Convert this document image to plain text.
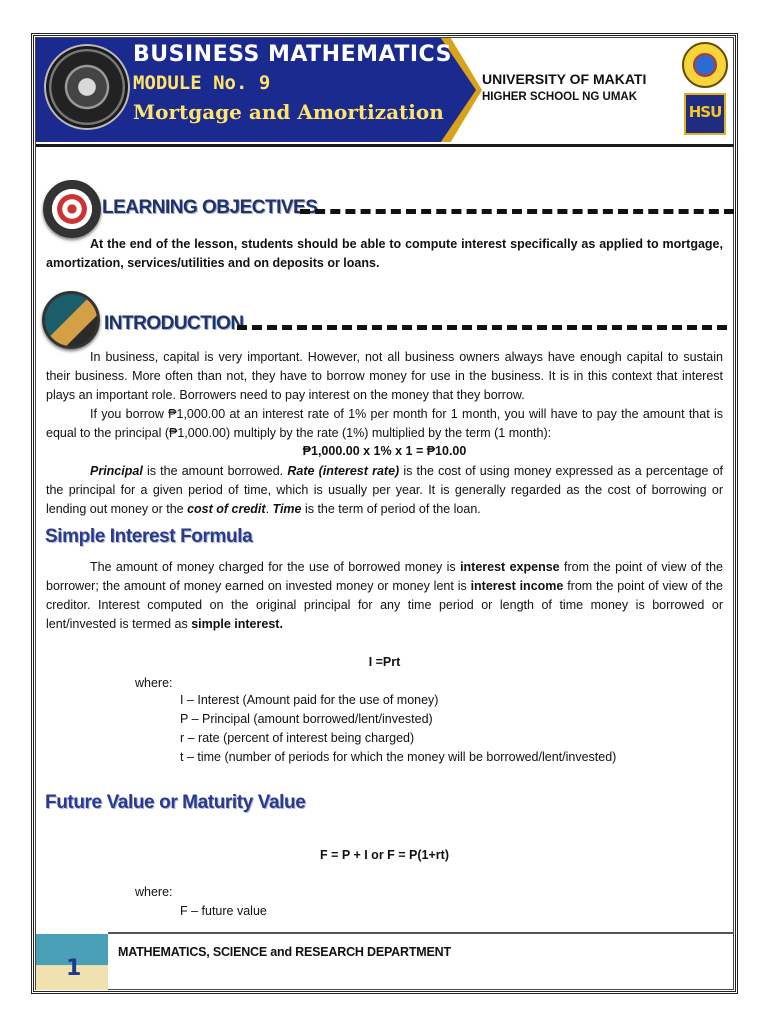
BUSINESS MATHEMATICS
MODULE No. 9
Mortgage and Amortization
UNIVERSITY OF MAKATI
HIGHER SCHOOL NG UMAK
HSU
LEARNING OBJECTIVES

At the end of the lesson, students should be able to compute interest specifically as applied to mortgage, amortization, services/utilities and on deposits or loans.

INTRODUCTION

In business, capital is very important. However, not all business owners always have enough capital to sustain their business. More often than not, they have to borrow money for use in the business. It is in this context that interest plays an important role. Borrowers need to pay interest on the money that they borrow.

If you borrow ₱1,000.00 at an interest rate of 1% per month for 1 month, you will have to pay the amount that is equal to the principal (₱1,000.00) multiply by the rate (1%) multiplied by the term (1 month):

₱1,000.00 x 1% x 1 = ₱10.00

Principal is the amount borrowed. Rate (interest rate) is the cost of using money expressed as a percentage of the principal for a given period of time, which is usually per year. It is generally regarded as the cost of borrowing or lending out money or the cost of credit. Time is the term of period of the loan.

Simple Interest Formula

The amount of money charged for the use of borrowed money is interest expense from the point of view of the borrower; the amount of money earned on invested money or money lent is interest income from the point of view of the creditor. Interest computed on the original principal for any time period or length of time money is borrowed or lent/invested is termed as simple interest.

I =Prt
where:
I – Interest (Amount paid for the use of money)
P – Principal (amount borrowed/lent/invested)
r – rate (percent of interest being charged)
t – time (number of periods for which the money will be borrowed/lent/invested)
Future Value or Maturity Value
F = P + I or F = P(1+rt)
where:
F – future value
1
MATHEMATICS, SCIENCE and RESEARCH DEPARTMENT
